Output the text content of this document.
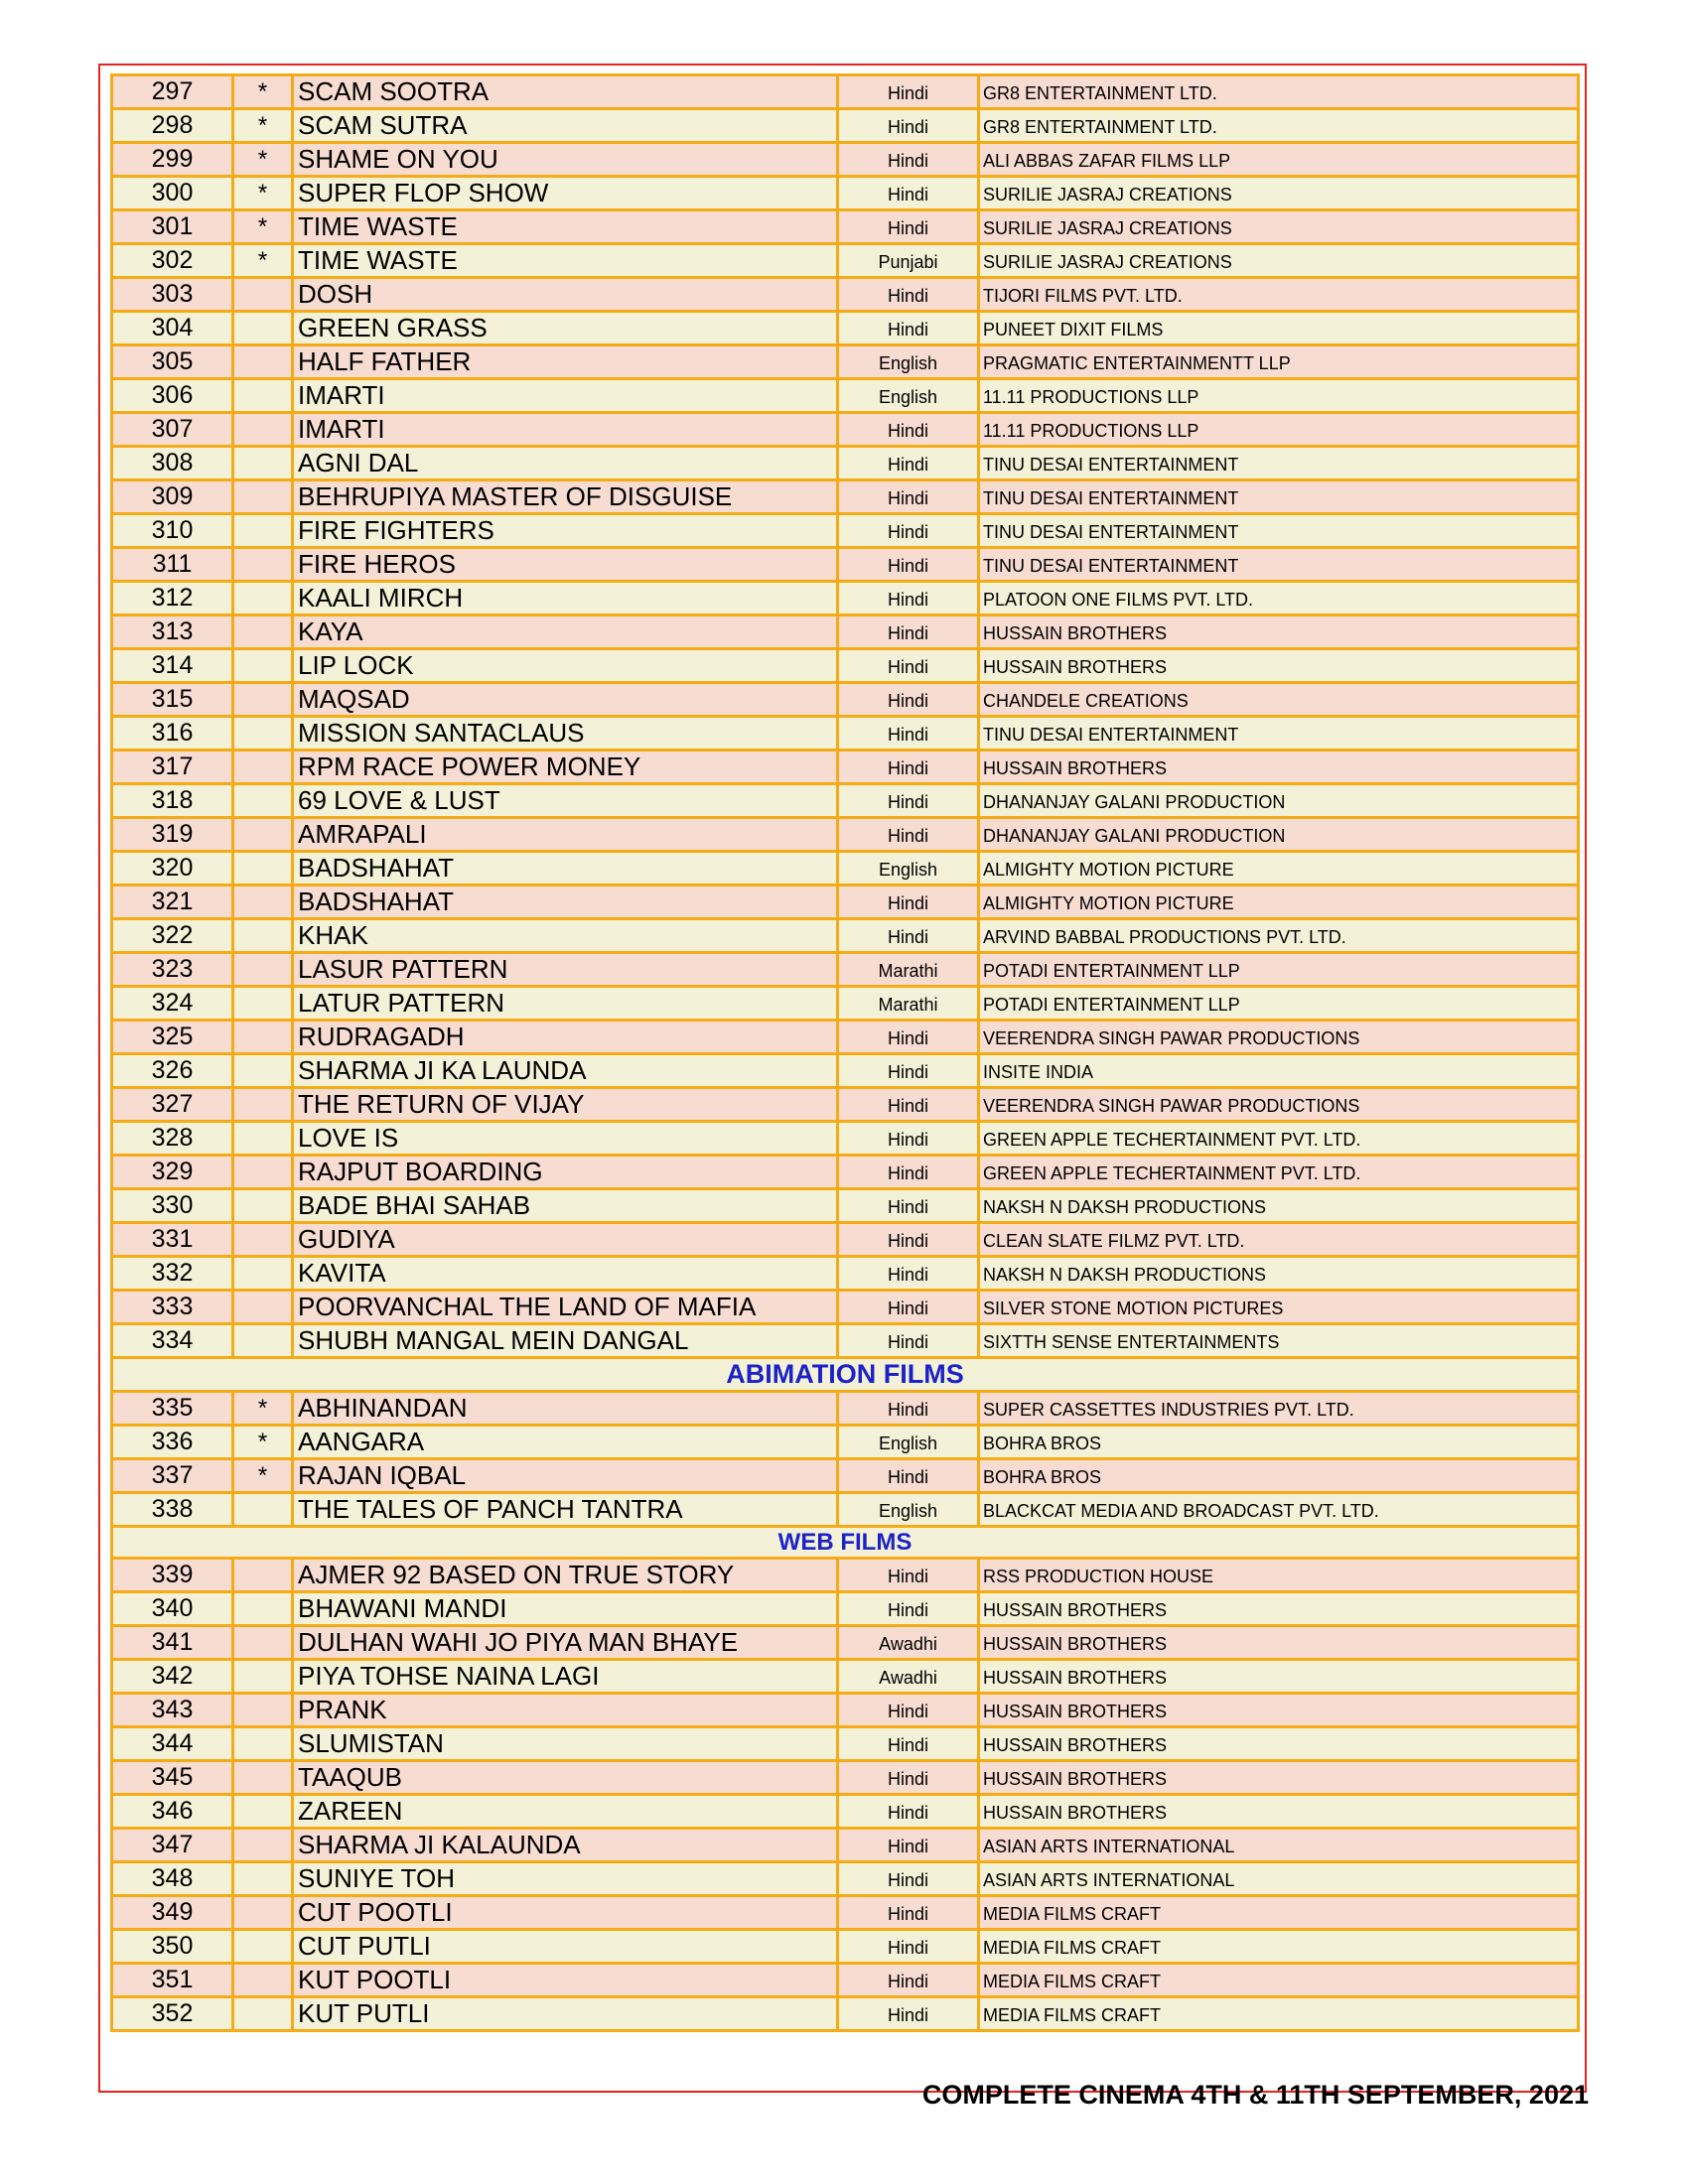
297	*	SCAM SOOTRA	Hindi	GR8 ENTERTAINMENT LTD.
298	*	SCAM SUTRA	Hindi	GR8 ENTERTAINMENT LTD.
299	*	SHAME ON YOU	Hindi	ALI ABBAS ZAFAR FILMS LLP
300	*	SUPER FLOP SHOW	Hindi	SURILIE JASRAJ CREATIONS
301	*	TIME WASTE	Hindi	SURILIE JASRAJ CREATIONS
302	*	TIME WASTE	Punjabi	SURILIE JASRAJ CREATIONS
303		DOSH	Hindi	TIJORI FILMS PVT. LTD.
304		GREEN GRASS	Hindi	PUNEET DIXIT FILMS
305		HALF FATHER	English	PRAGMATIC ENTERTAINMENTT LLP
306		IMARTI	English	11.11 PRODUCTIONS LLP
307		IMARTI	Hindi	11.11 PRODUCTIONS LLP
308		AGNI DAL	Hindi	TINU DESAI ENTERTAINMENT
309		BEHRUPIYA MASTER OF DISGUISE	Hindi	TINU DESAI ENTERTAINMENT
310		FIRE FIGHTERS	Hindi	TINU DESAI ENTERTAINMENT
311		FIRE HEROS	Hindi	TINU DESAI ENTERTAINMENT
312		KAALI MIRCH	Hindi	PLATOON ONE FILMS PVT. LTD.
313		KAYA	Hindi	HUSSAIN BROTHERS
314		LIP LOCK	Hindi	HUSSAIN BROTHERS
315		MAQSAD	Hindi	CHANDELE CREATIONS
316		MISSION SANTACLAUS	Hindi	TINU DESAI ENTERTAINMENT
317		RPM RACE POWER MONEY	Hindi	HUSSAIN BROTHERS
318		69 LOVE & LUST	Hindi	DHANANJAY GALANI PRODUCTION
319		AMRAPALI	Hindi	DHANANJAY GALANI PRODUCTION
320		BADSHAHAT	English	ALMIGHTY MOTION PICTURE
321		BADSHAHAT	Hindi	ALMIGHTY MOTION PICTURE
322		KHAK	Hindi	ARVIND BABBAL PRODUCTIONS PVT. LTD.
323		LASUR PATTERN	Marathi	POTADI ENTERTAINMENT LLP
324		LATUR PATTERN	Marathi	POTADI ENTERTAINMENT LLP
325		RUDRAGADH	Hindi	VEERENDRA SINGH PAWAR PRODUCTIONS
326		SHARMA JI KA LAUNDA	Hindi	INSITE INDIA
327		THE RETURN OF VIJAY	Hindi	VEERENDRA SINGH PAWAR PRODUCTIONS
328		LOVE IS	Hindi	GREEN APPLE TECHERTAINMENT PVT. LTD.
329		RAJPUT BOARDING	Hindi	GREEN APPLE TECHERTAINMENT PVT. LTD.
330		BADE BHAI SAHAB	Hindi	NAKSH N DAKSH PRODUCTIONS
331		GUDIYA	Hindi	CLEAN SLATE FILMZ PVT. LTD.
332		KAVITA	Hindi	NAKSH N DAKSH PRODUCTIONS
333		POORVANCHAL THE LAND OF MAFIA	Hindi	SILVER STONE MOTION PICTURES
334		SHUBH MANGAL MEIN DANGAL	Hindi	SIXTTH SENSE ENTERTAINMENTS
ABIMATION FILMS				
335	*	ABHINANDAN	Hindi	SUPER CASSETTES INDUSTRIES PVT. LTD.
336	*	AANGARA	English	BOHRA BROS
337	*	RAJAN IQBAL	Hindi	BOHRA BROS
338		THE TALES OF PANCH TANTRA	English	BLACKCAT MEDIA AND BROADCAST PVT. LTD.
WEB FILMS				
339		AJMER 92 BASED ON TRUE STORY	Hindi	RSS PRODUCTION HOUSE
340		BHAWANI MANDI	Hindi	HUSSAIN BROTHERS
341		DULHAN WAHI JO PIYA MAN BHAYE	Awadhi	HUSSAIN BROTHERS
342		PIYA TOHSE NAINA LAGI	Awadhi	HUSSAIN BROTHERS
343		PRANK	Hindi	HUSSAIN BROTHERS
344		SLUMISTAN	Hindi	HUSSAIN BROTHERS
345		TAAQUB	Hindi	HUSSAIN BROTHERS
346		ZAREEN	Hindi	HUSSAIN BROTHERS
347		SHARMA JI KALAUNDA	Hindi	ASIAN ARTS INTERNATIONAL
348		SUNIYE TOH	Hindi	ASIAN ARTS INTERNATIONAL
349		CUT POOTLI	Hindi	MEDIA FILMS CRAFT
350		CUT PUTLI	Hindi	MEDIA FILMS CRAFT
351		KUT POOTLI	Hindi	MEDIA FILMS CRAFT
352		KUT PUTLI	Hindi	MEDIA FILMS CRAFT
COMPLETE CINEMA 4TH & 11TH SEPTEMBER, 2021
